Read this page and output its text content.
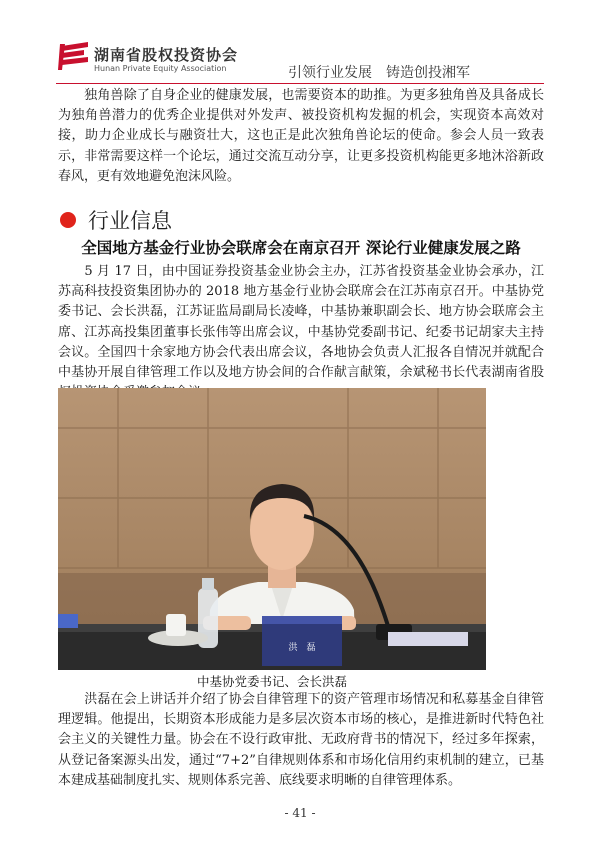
湖南省股权投资协会
Hunan Private Equity Association	引领行业发展　铸造创投湘军

　　独角兽除了自身企业的健康发展，也需要资本的助推。为更多独角兽及具备成长为独角兽潜力的优秀企业提供对外发声、被投资机构发掘的机会，实现资本高效对接，助力企业成长与融资壮大，这也正是此次独角兽论坛的使命。参会人员一致表示，非常需要这样一个论坛，通过交流互动分享，让更多投资机构能更多地沐浴新政春风，更有效地避免泡沫风险。

行业信息
全国地方基金行业协会联席会在南京召开 深论行业健康发展之路

　　5 月 17 日，由中国证券投资基金业协会主办，江苏省投资基金业协会承办，江苏高科技投资集团协办的 2018 地方基金行业协会联席会在江苏南京召开。中基协党委书记、会长洪磊，江苏证监局副局长凌峰，中基协兼职副会长、地方协会联席会主席、江苏高投集团董事长张伟等出席会议，中基协党委副书记、纪委书记胡家夫主持会议。全国四十余家地方协会代表出席会议，各地协会负责人汇报各自情况并就配合中基协开展自律管理工作以及地方协会间的合作献言献策，余斌秘书长代表湖南省股

洪　磊
中基协党委书记、会长洪磊

　　洪磊在会上讲话并介绍了协会自律管理下的资产管理市场情况和私募基金自律管理逻辑。他提出，长期资本形成能力是多层次资本市场的核心，是推进新时代特色社会主义的关键性力量。协会在不设行政审批、无政府背书的情况下，经过多年探索，从登记备案源头出发，通过“7+2”自律规则体系和市场化信用约束机制的建立，已基本建成基础制度扎实、规则体系完善、底线要求明晰的自律管理体系。

- 41 -
